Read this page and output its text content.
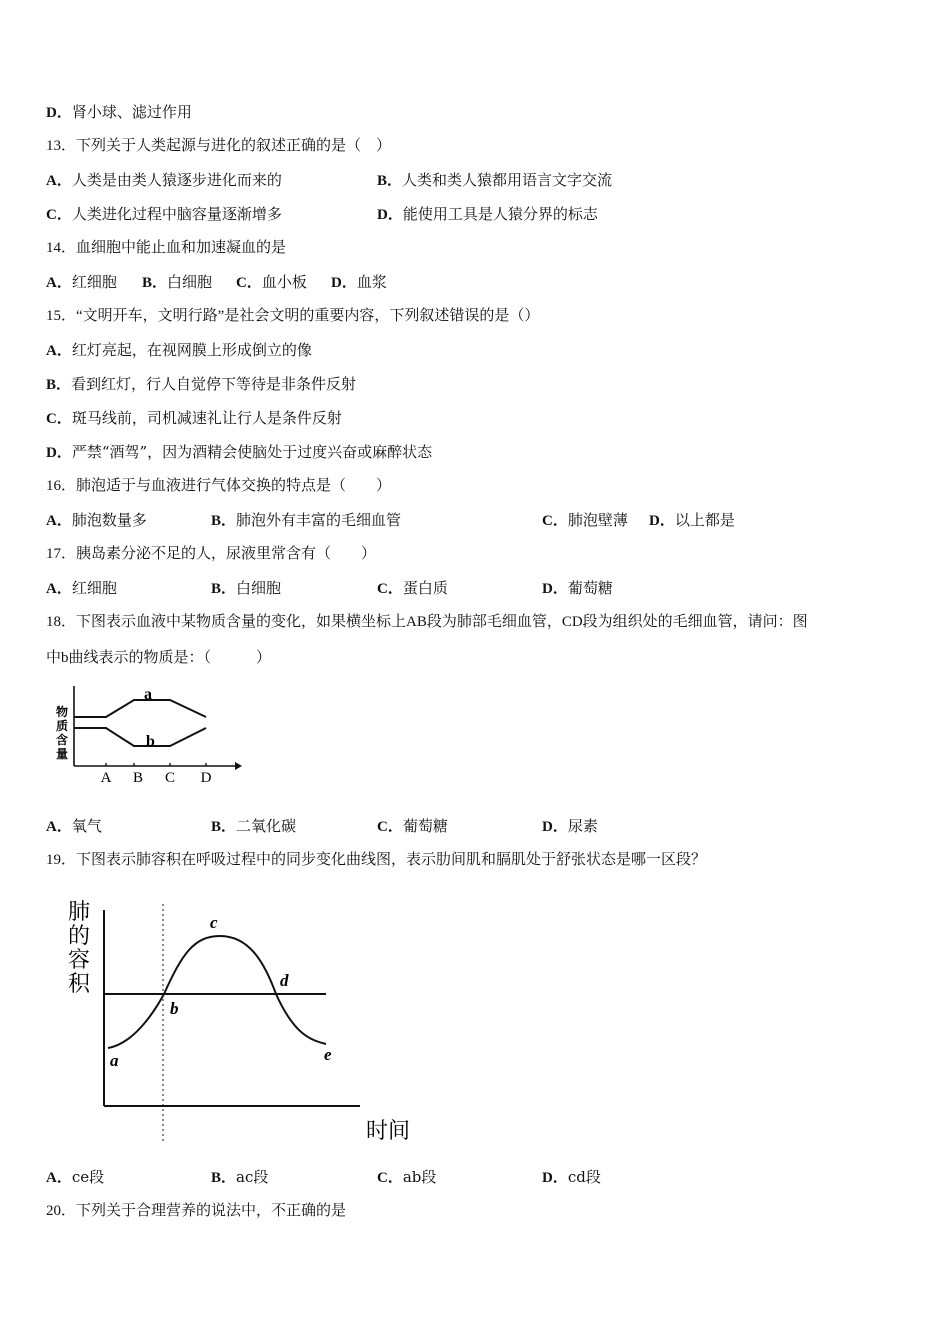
D．肾小球、滤过作用
13．下列关于人类起源与进化的叙述正确的是（　）
A．人类是由类人猿逐步进化而来的	B．人类和类人猿都用语言文字交流
C．人类进化过程中脑容量逐渐增多	D．能使用工具是人猿分界的标志
14．血细胞中能止血和加速凝血的是
A．红细胞 B．白细胞 C．血小板 D．血浆
15．“文明开车，文明行路”是社会文明的重要内容，下列叙述错误的是（）
A．红灯亮起，在视网膜上形成倒立的像
B．看到红灯，行人自觉停下等待是非条件反射
C．斑马线前，司机减速礼让行人是条件反射
D．严禁“酒驾”，因为酒精会使脑处于过度兴奋或麻醉状态
16．肺泡适于与血液进行气体交换的特点是（　　）
A．肺泡数量多	B．肺泡外有丰富的毛细血管	C．肺泡壁薄 D．以上都是
17．胰岛素分泌不足的人，尿液里常含有（　　）
A．红细胞	B．白细胞	C．蛋白质	D．葡萄糖
18．下图表示血液中某物质含量的变化，如果横坐标上AB段为肺部毛细血管，CD段为组织处的毛细血管，请问：图
中b曲线表示的物质是：（　　　）
物
质
含
量
a
b
A B C D
A．氧气	B．二氧化碳	C．葡萄糖	D．尿素
19．下图表示肺容积在呼吸过程中的同步变化曲线图，表示肋间肌和膈肌处于舒张状态是哪一区段？
肺
的
容
积
a
b
c
d
e
时间
A．ce段	B．ac段	C．ab段	D．cd段
20．下列关于合理营养的说法中，不正确的是
